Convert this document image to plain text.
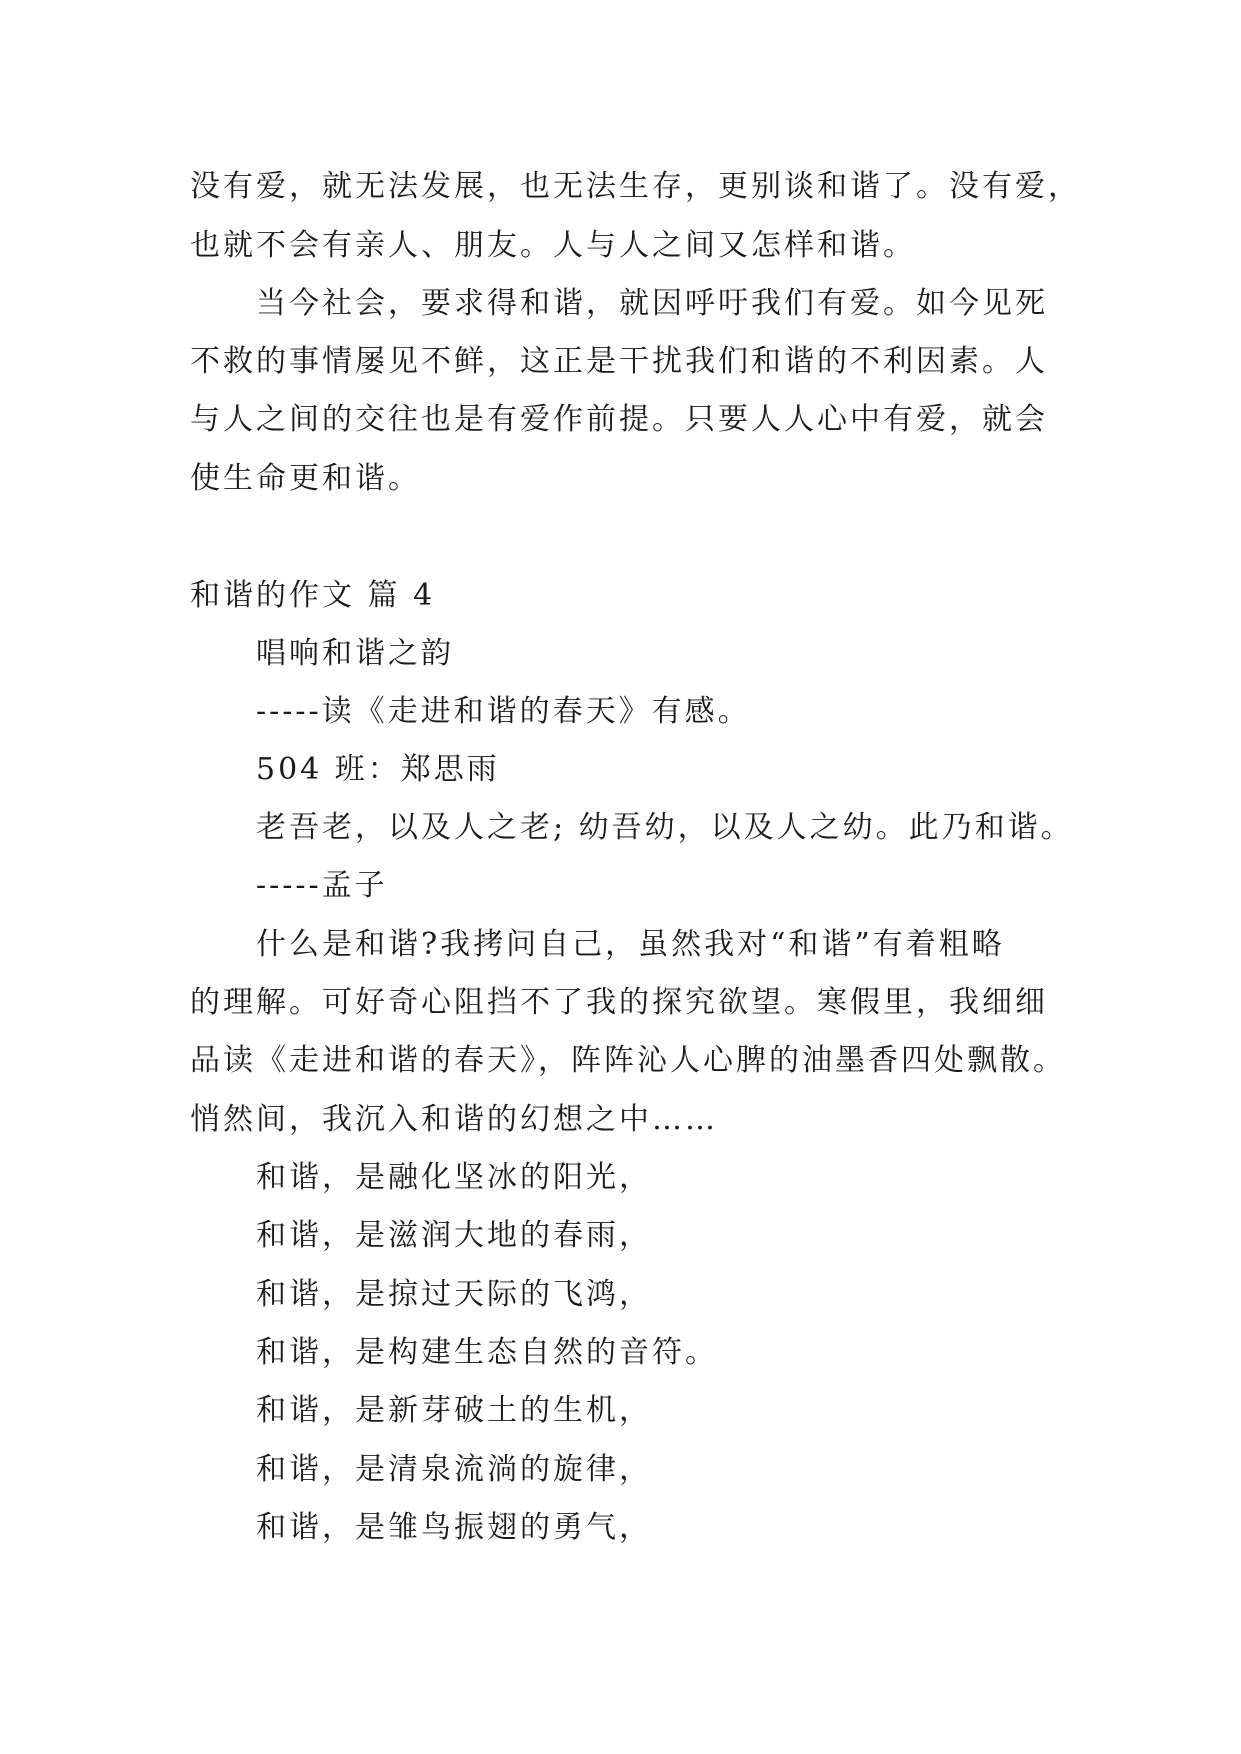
没有爱，就无法发展，也无法生存，更别谈和谐了。没有爱，
也就不会有亲人、朋友。人与人之间又怎样和谐。
当今社会，要求得和谐，就因呼吁我们有爱。如今见死
不救的事情屡见不鲜，这正是干扰我们和谐的不利因素。人
与人之间的交往也是有爱作前提。只要人人心中有爱，就会
使生命更和谐。
和谐的作文 篇 4
唱响和谐之韵
-----读《走进和谐的春天》有感。
504 班：郑思雨
老吾老，以及人之老; 幼吾幼，以及人之幼。此乃和谐。
-----孟子
什么是和谐?我拷问自己，虽然我对“和谐”有着粗略
的理解。可好奇心阻挡不了我的探究欲望。寒假里，我细细
品读《走进和谐的春天》，阵阵沁人心脾的油墨香四处飘散。
悄然间，我沉入和谐的幻想之中……
和谐，是融化坚冰的阳光，
和谐，是滋润大地的春雨，
和谐，是掠过天际的飞鸿，
和谐，是构建生态自然的音符。
和谐，是新芽破土的生机，
和谐，是清泉流淌的旋律，
和谐，是雏鸟振翅的勇气，
